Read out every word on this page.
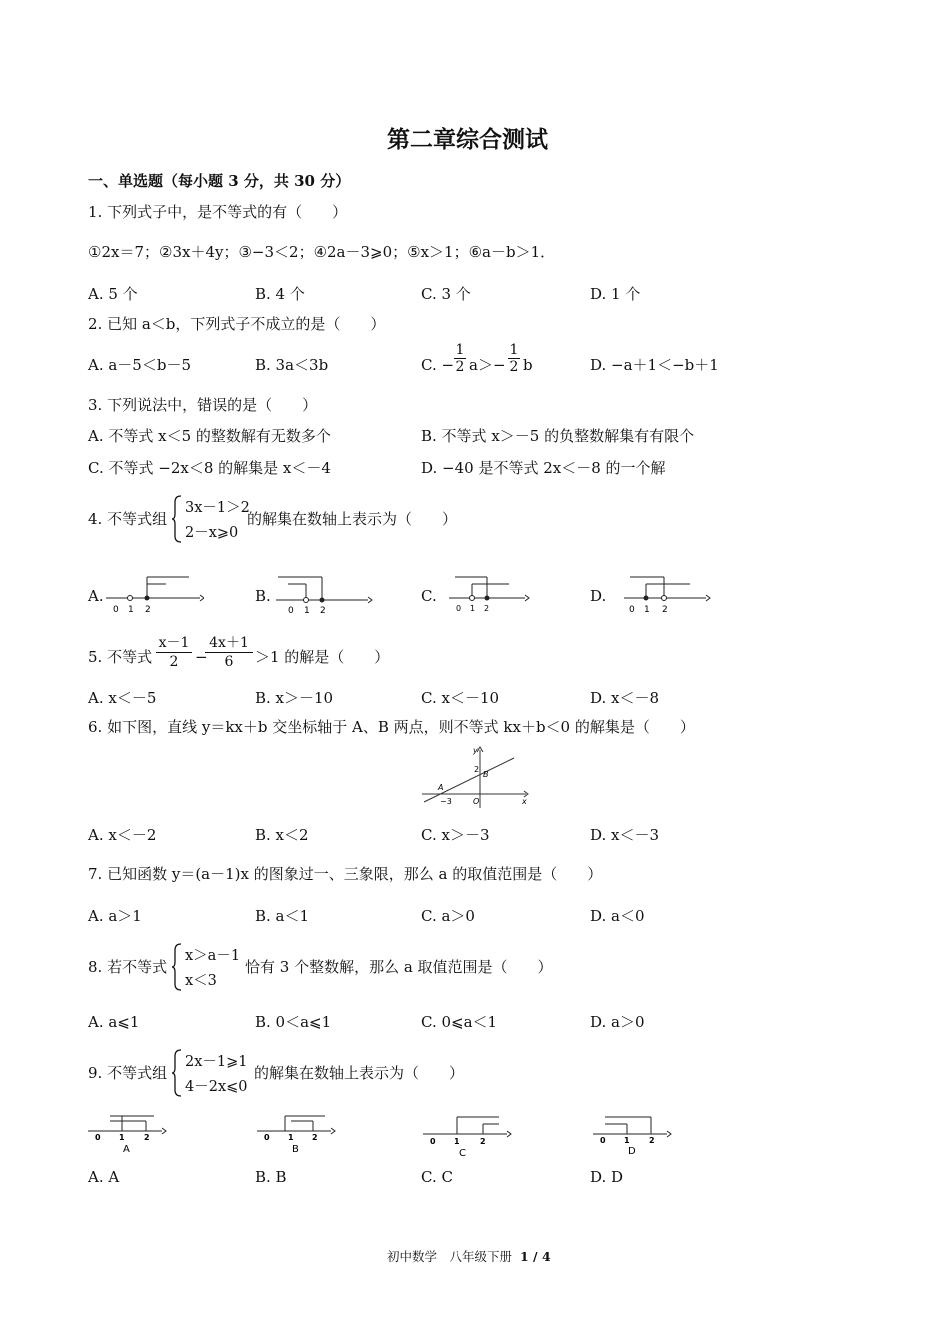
第二章综合测试
一、单选题（每小题 3 分，共 30 分）
1. 下列式子中，是不等式的有（　　）
①2x＝7；②3x＋4y；③−3＜2；④2a－3⩾0；⑤x＞1；⑥a－b＞1．
A. 5 个	B. 4 个	C. 3 个	D. 1 个
2. 已知 a＜b，下列式子不成立的是（　　）
A. a－5＜b－5	B. 3a＜3b	C. −
1
2 a＞−
1
2 b	D. −a＋1＜−b＋1
3. 下列说法中，错误的是（　　）
A. 不等式 x＜5 的整数解有无数多个	B. 不等式 x＞－5 的负整数解集有有限个
C. 不等式 −2x＜8 的解集是 x＜－4	D. −40 是不等式 2x＜－8 的一个解
4. 不等式组
3x－1＞2
2－x⩾0
的解集在数轴上表示为（　　）
A.	B.	C.	D.
0 1 2	0 1 2	0 1 2	0 1 2
5. 不等式
x－1
2	−
4x＋1
6	＞1 的解是（　　）
A. x＜－5	B. x＞－10	C. x＜－10	D. x＜－8
6. 如下图，直线 y＝kx＋b 交坐标轴于 A、B 两点，则不等式 kx＋b＜0 的解集是（　　）
y
x
2
B
A
−3	O
A. x＜－2	B. x＜2	C. x＞－3	D. x＜－3
7. 已知函数 y＝(a－1)x 的图象过一、三象限，那么 a 的取值范围是（　　）
A. a＞1	B. a＜1	C. a＞0	D. a＜0
8. 若不等式
x＞a－1
x＜3
恰有 3 个整数解，那么 a 取值范围是（　　）
A. a⩽1	B. 0＜a⩽1	C. 0⩽a＜1	D. a＞0
9. 不等式组
2x－1⩾1
4－2x⩽0
的解集在数轴上表示为（　　）
0 1 2
A
0 1 2
B
0 1	2
C
0 1 2
D
A. A	B. B	C. C	D. D
初中数学　八年级下册 1 / 4
